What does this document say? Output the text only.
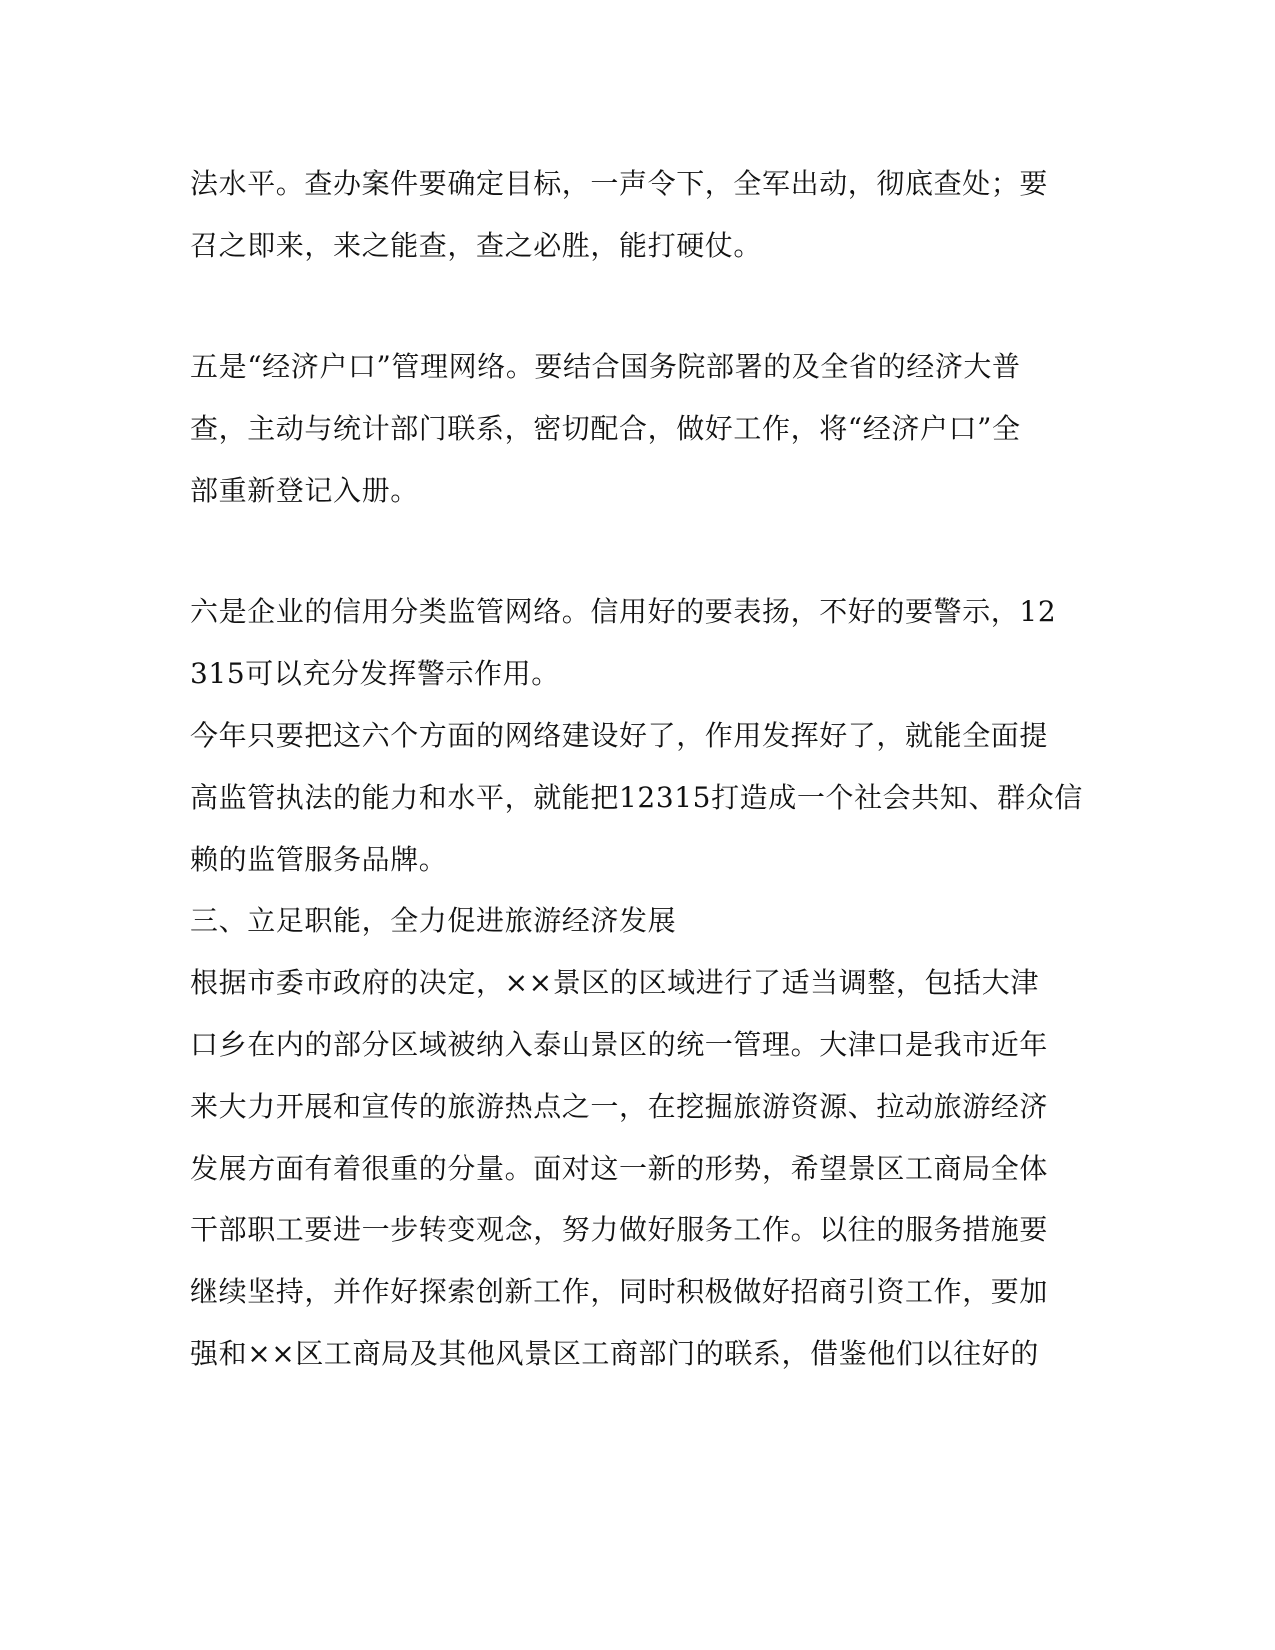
法水平。查办案件要确定目标，一声令下，全军出动，彻底查处；要

召之即来，来之能查，查之必胜，能打硬仗。

五是“经济户口”管理网络。要结合国务院部署的及全省的经济大普

查，主动与统计部门联系，密切配合，做好工作，将“经济户口”全

部重新登记入册。

六是企业的信用分类监管网络。信用好的要表扬，不好的要警示，12

315可以充分发挥警示作用。

今年只要把这六个方面的网络建设好了，作用发挥好了，就能全面提

高监管执法的能力和水平，就能把12315打造成一个社会共知、群众信

赖的监管服务品牌。

三、立足职能，全力促进旅游经济发展

根据市委市政府的决定，××景区的区域进行了适当调整，包括大津

口乡在内的部分区域被纳入泰山景区的统一管理。大津口是我市近年

来大力开展和宣传的旅游热点之一，在挖掘旅游资源、拉动旅游经济

发展方面有着很重的分量。面对这一新的形势，希望景区工商局全体

干部职工要进一步转变观念，努力做好服务工作。以往的服务措施要

继续坚持，并作好探索创新工作，同时积极做好招商引资工作，要加

强和××区工商局及其他风景区工商部门的联系，借鉴他们以往好的
